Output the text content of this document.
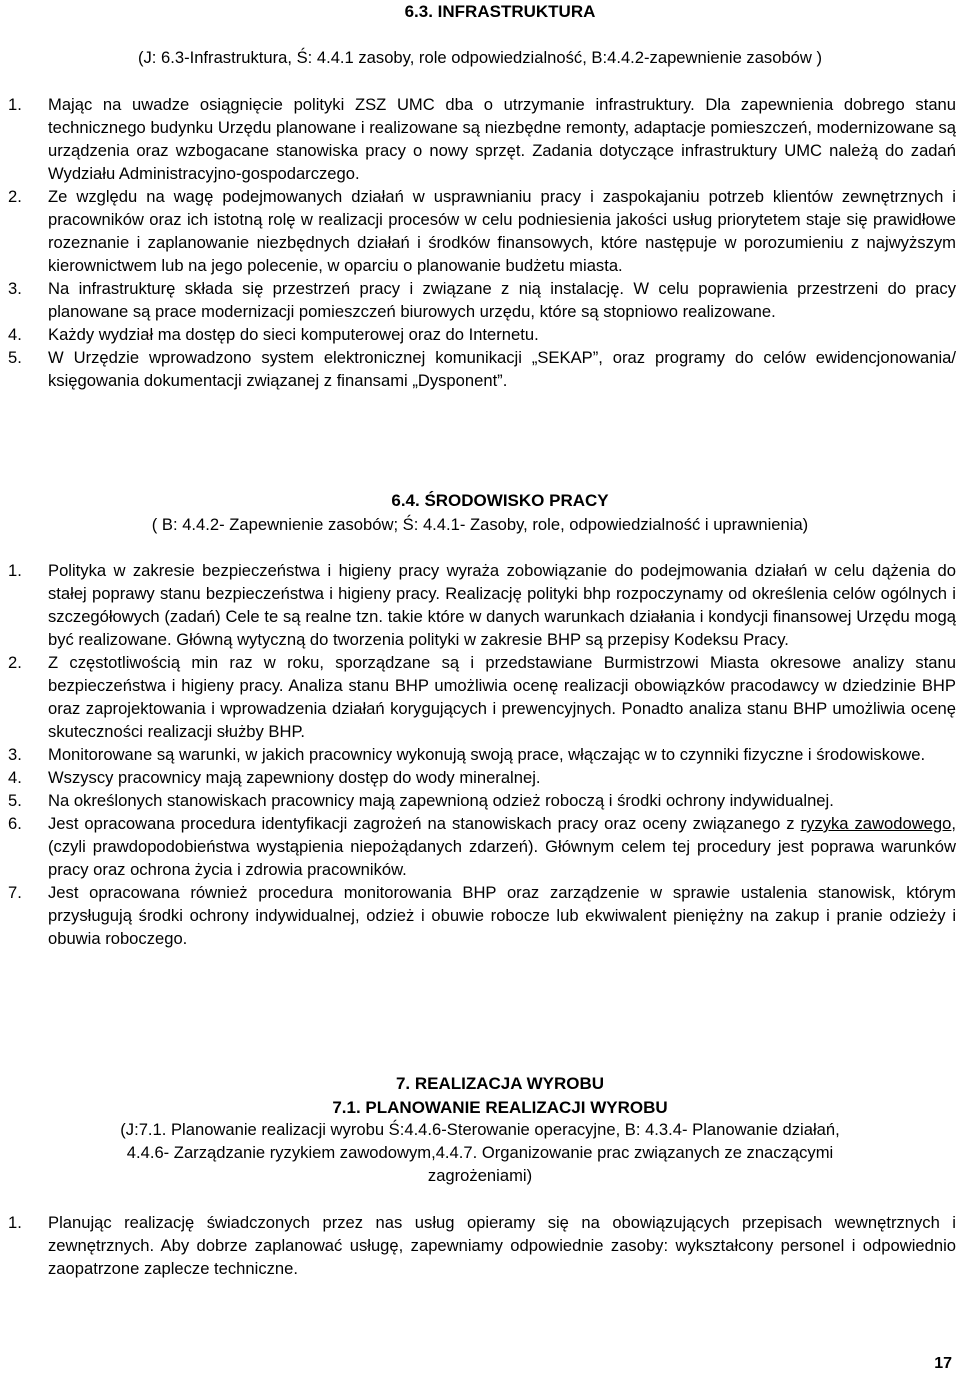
6.3. INFRASTRUKTURA
(J: 6.3-Infrastruktura, Ś: 4.4.1 zasoby, role odpowiedzialność, B:4.4.2-zapewnienie zasobów )
1. Mając na uwadze osiągnięcie polityki ZSZ UMC dba o utrzymanie infrastruktury. Dla zapewnienia dobrego stanu technicznego budynku Urzędu planowane i realizowane są niezbędne remonty, adaptacje pomieszczeń, modernizowane są urządzenia oraz wzbogacane stanowiska pracy o nowy sprzęt. Zadania dotyczące infrastruktury UMC należą do zadań Wydziału Administracyjno-gospodarczego.
2. Ze względu na wagę podejmowanych działań w usprawnianiu pracy i zaspokajaniu potrzeb klientów zewnętrznych i pracowników oraz ich istotną rolę w realizacji procesów w celu podniesienia jakości usług priorytetem staje się prawidłowe rozeznanie i zaplanowanie niezbędnych działań i środków finansowych, które następuje w porozumieniu z najwyższym kierownictwem lub na jego polecenie, w oparciu o planowanie budżetu miasta.
3. Na infrastrukturę składa się przestrzeń pracy i związane z nią instalację. W celu poprawienia przestrzeni do pracy planowane są prace modernizacji pomieszczeń biurowych urzędu, które są stopniowo realizowane.
4. Każdy wydział ma dostęp do sieci komputerowej oraz do Internetu.
5. W Urzędzie wprowadzono system elektronicznej komunikacji „SEKAP”, oraz programy do celów ewidencjonowania/ księgowania dokumentacji związanej z finansami „Dysponent”.
6.4. ŚRODOWISKO PRACY
( B: 4.4.2- Zapewnienie zasobów; Ś: 4.4.1- Zasoby, role, odpowiedzialność i uprawnienia)
1. Polityka w zakresie bezpieczeństwa i higieny pracy wyraża zobowiązanie do podejmowania działań w celu dążenia do stałej poprawy stanu bezpieczeństwa i higieny pracy. Realizację polityki bhp rozpoczynamy od określenia celów ogólnych i szczegółowych (zadań) Cele te są realne tzn. takie które w danych warunkach działania i kondycji finansowej Urzędu mogą być realizowane. Główną wytyczną do tworzenia polityki w zakresie BHP są przepisy Kodeksu Pracy.
2. Z częstotliwością min raz w roku, sporządzane są i przedstawiane Burmistrzowi Miasta okresowe analizy stanu bezpieczeństwa i higieny pracy. Analiza stanu BHP umożliwia ocenę realizacji obowiązków pracodawcy w dziedzinie BHP oraz zaprojektowania i wprowadzenia działań korygujących i prewencyjnych. Ponadto analiza stanu BHP umożliwia ocenę skuteczności realizacji służby BHP.
3. Monitorowane są warunki, w jakich pracownicy wykonują swoją prace, włączając w to czynniki fizyczne i środowiskowe.
4. Wszyscy pracownicy mają zapewniony dostęp do wody mineralnej.
5. Na określonych stanowiskach pracownicy mają zapewnioną odzież roboczą i środki ochrony indywidualnej.
6. Jest opracowana procedura identyfikacji zagrożeń na stanowiskach pracy oraz oceny związanego z ryzyka zawodowego, (czyli prawdopodobieństwa wystąpienia niepożądanych zdarzeń). Głównym celem tej procedury jest poprawa warunków pracy oraz ochrona życia i zdrowia pracowników.
7. Jest opracowana również procedura monitorowania BHP oraz zarządzenie w sprawie ustalenia stanowisk, którym przysługują środki ochrony indywidualnej, odzież i obuwie robocze lub ekwiwalent pieniężny na zakup i pranie odzieży i obuwia roboczego.
7. REALIZACJA WYROBU
7.1. PLANOWANIE REALIZACJI WYROBU
(J:7.1. Planowanie realizacji wyrobu Ś:4.4.6-Sterowanie operacyjne, B: 4.3.4- Planowanie działań,
4.4.6- Zarządzanie ryzykiem zawodowym,4.4.7. Organizowanie prac związanych ze znaczącymi
zagrożeniami)
1. Planując realizację świadczonych przez nas usług opieramy się na obowiązujących przepisach wewnętrznych i zewnętrznych. Aby dobrze zaplanować usługę, zapewniamy odpowiednie zasoby: wykształcony personel i odpowiednio zaopatrzone zaplecze techniczne.
17
